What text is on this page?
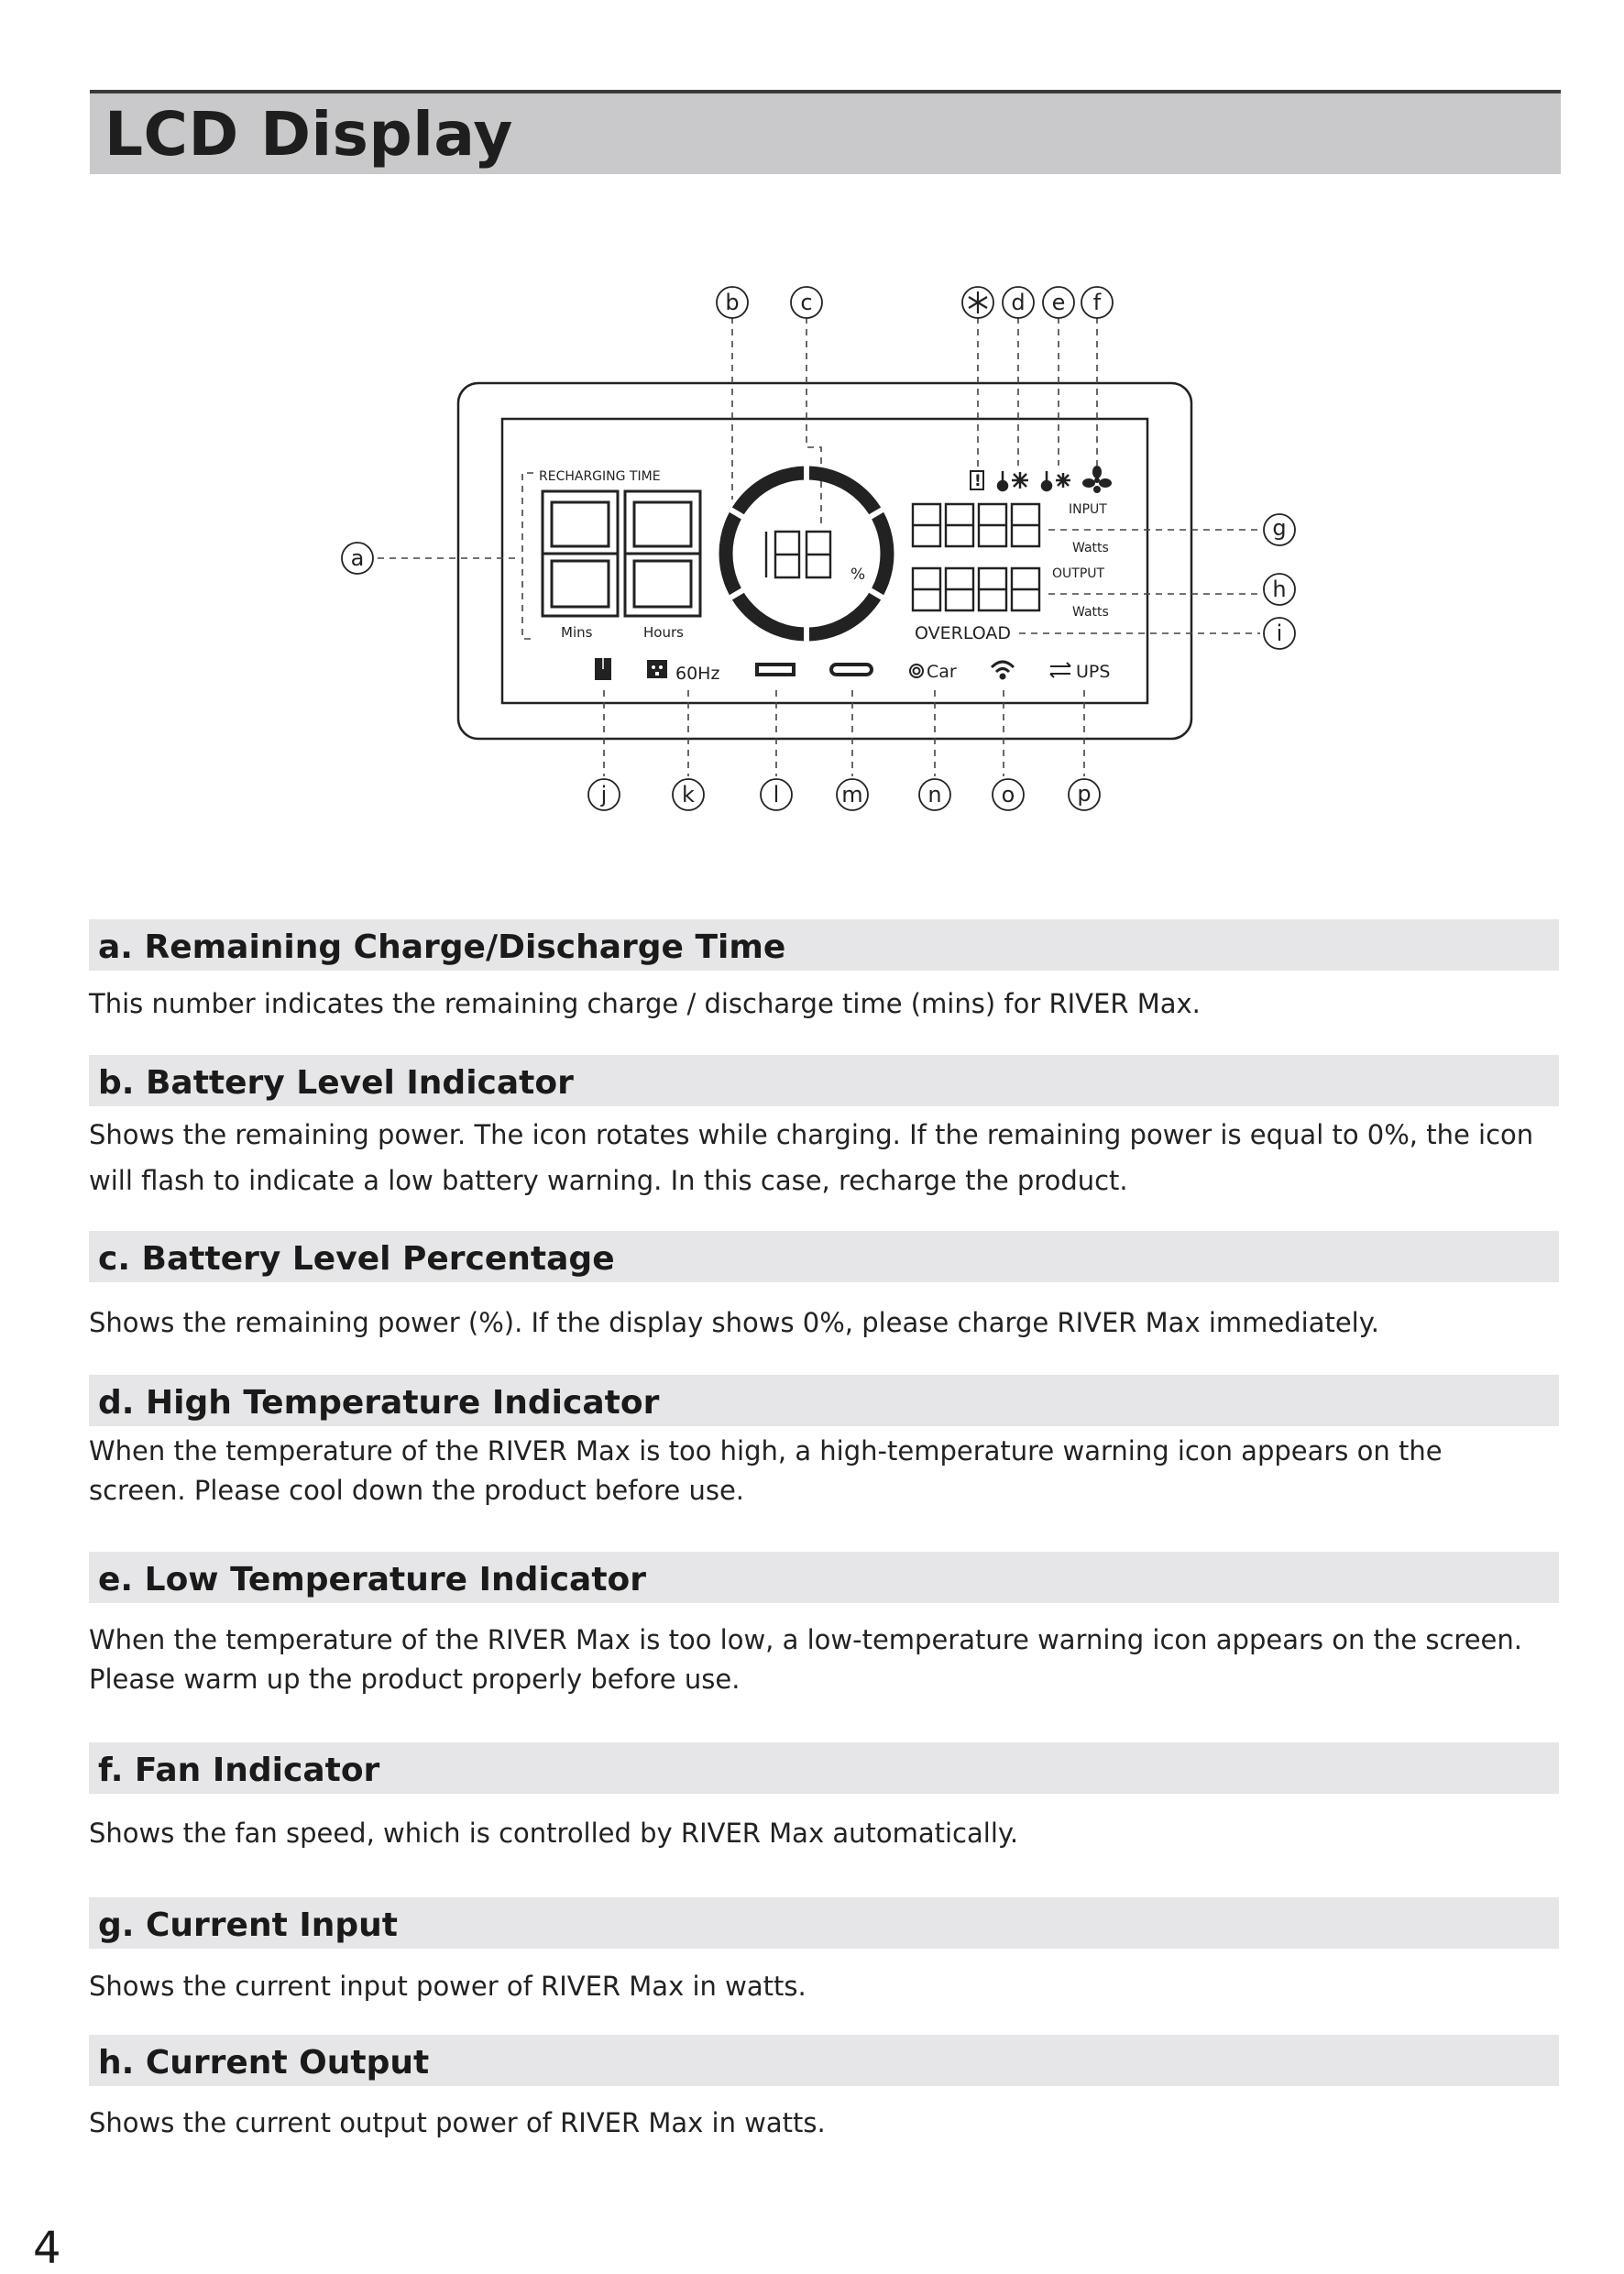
LCD Display
a
b	c	d e f
g
h
i
j	k	l	m	n	o	p
RECHARGING TIME
Mins	Hours
INPUT
Watts
OUTPUT
Watts
OVERLOAD
60Hz	Car	UPS
%
!
a. Remaining Charge/Discharge Time
This number indicates the remaining charge / discharge time (mins) for RIVER Max.
b. Battery Level Indicator
Shows the remaining power. The icon rotates while charging. If the remaining power is equal to 0%, the icon will flash to indicate a low battery warning. In this case, recharge the product.
c. Battery Level Percentage
Shows the remaining power (%). If the display shows 0%, please charge RIVER Max immediately.
d. High Temperature Indicator
When the temperature of the RIVER Max is too high, a high-temperature warning icon appears on the screen. Please cool down the product before use.
e. Low Temperature Indicator
When the temperature of the RIVER Max is too low, a low-temperature warning icon appears on the screen. Please warm up the product properly before use.
f. Fan Indicator
Shows the fan speed, which is controlled by RIVER Max automatically.
g. Current Input
Shows the current input power of RIVER Max in watts.
h. Current Output
Shows the current output power of RIVER Max in watts.
4
